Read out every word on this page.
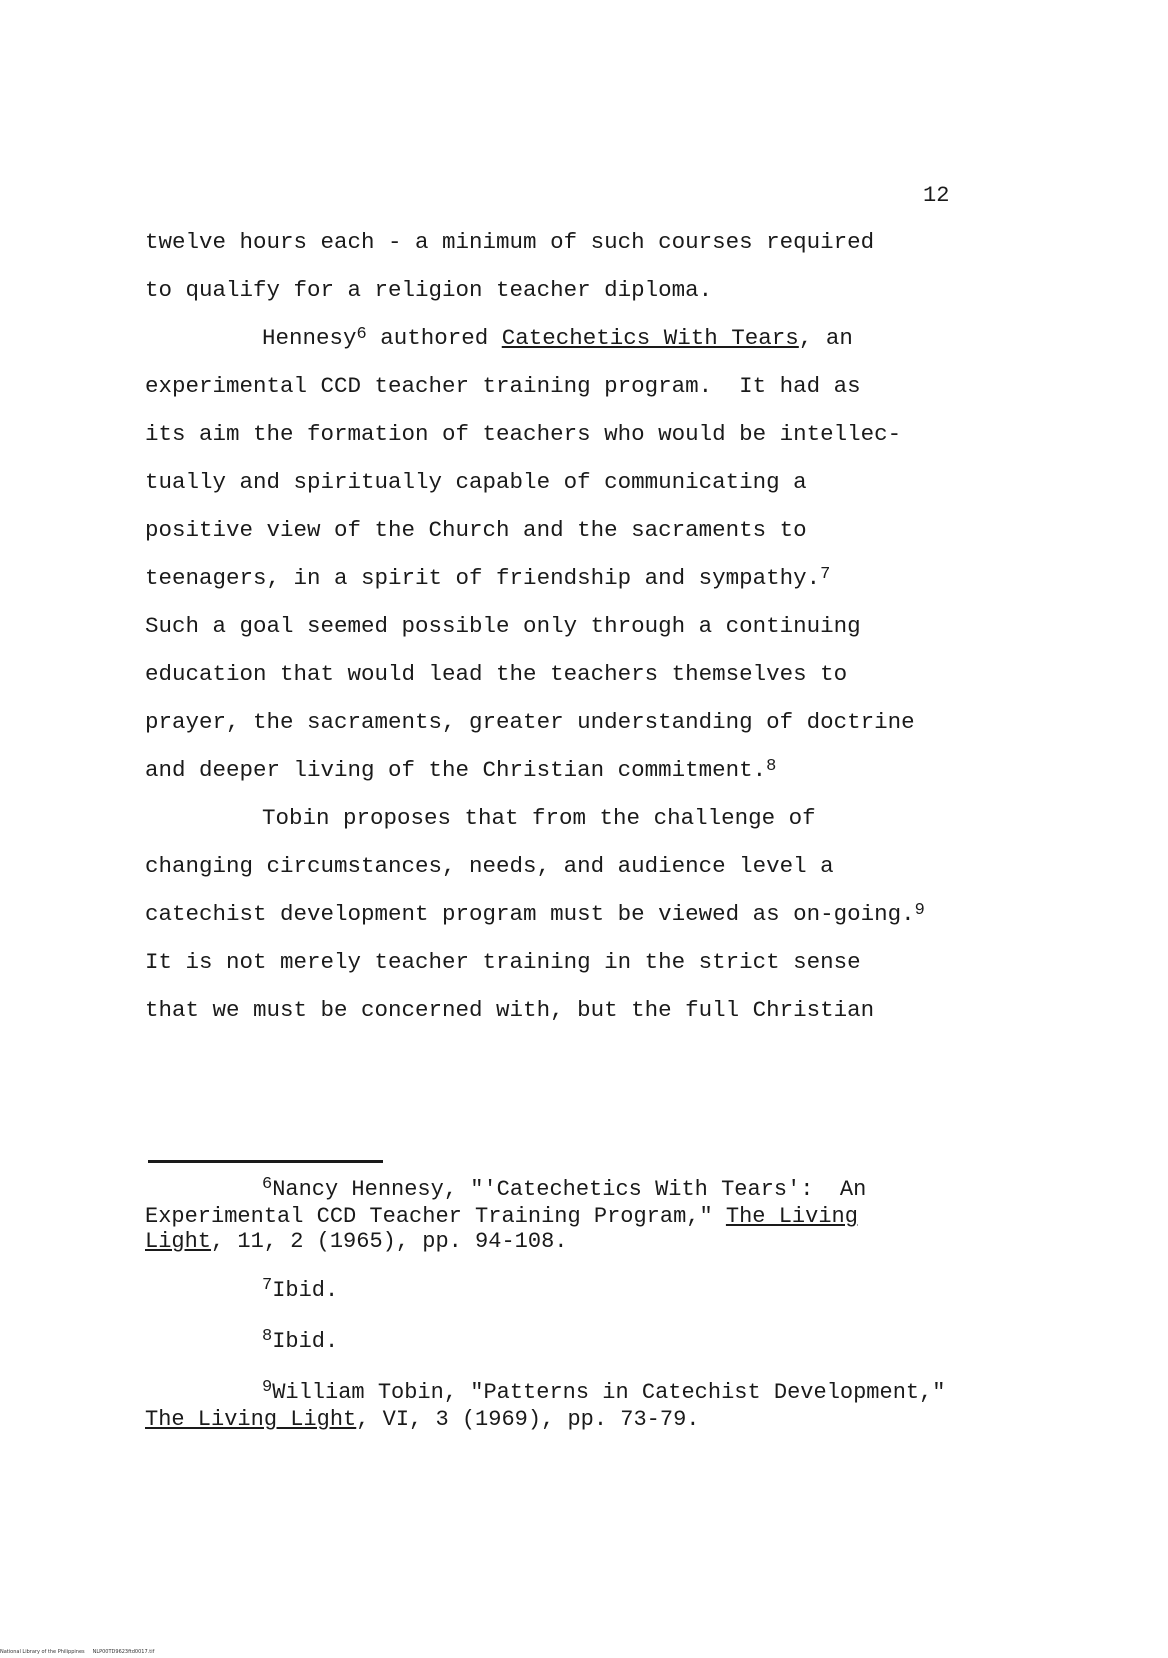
12
twelve hours each - a minimum of such courses required
to qualify for a religion teacher diploma.
Hennesy$^6$ authored Catechetics With Tears, an
experimental CCD teacher training program.  It had as
its aim the formation of teachers who would be intellec-
tually and spiritually capable of communicating a
positive view of the Church and the sacraments to
teenagers, in a spirit of friendship and sympathy.$^7$
Such a goal seemed possible only through a continuing
education that would lead the teachers themselves to
prayer, the sacraments, greater understanding of doctrine
and deeper living of the Christian commitment.$^8$
Tobin proposes that from the challenge of
changing circumstances, needs, and audience level a
catechist development program must be viewed as on-going.$^9$
It is not merely teacher training in the strict sense
that we must be concerned with, but the full Christian
$^6$Nancy Hennesy, "'Catechetics With Tears':  An
Experimental CCD Teacher Training Program," The Living
Light, 11, 2 (1965), pp. 94-108.
$^7$Ibid.
$^8$Ibid.
$^9$William Tobin, "Patterns in Catechist Development,"
The Living Light, VI, 3 (1969), pp. 73-79.
National Library of the Philippines     NLP00TD9623ftd0017.tif
